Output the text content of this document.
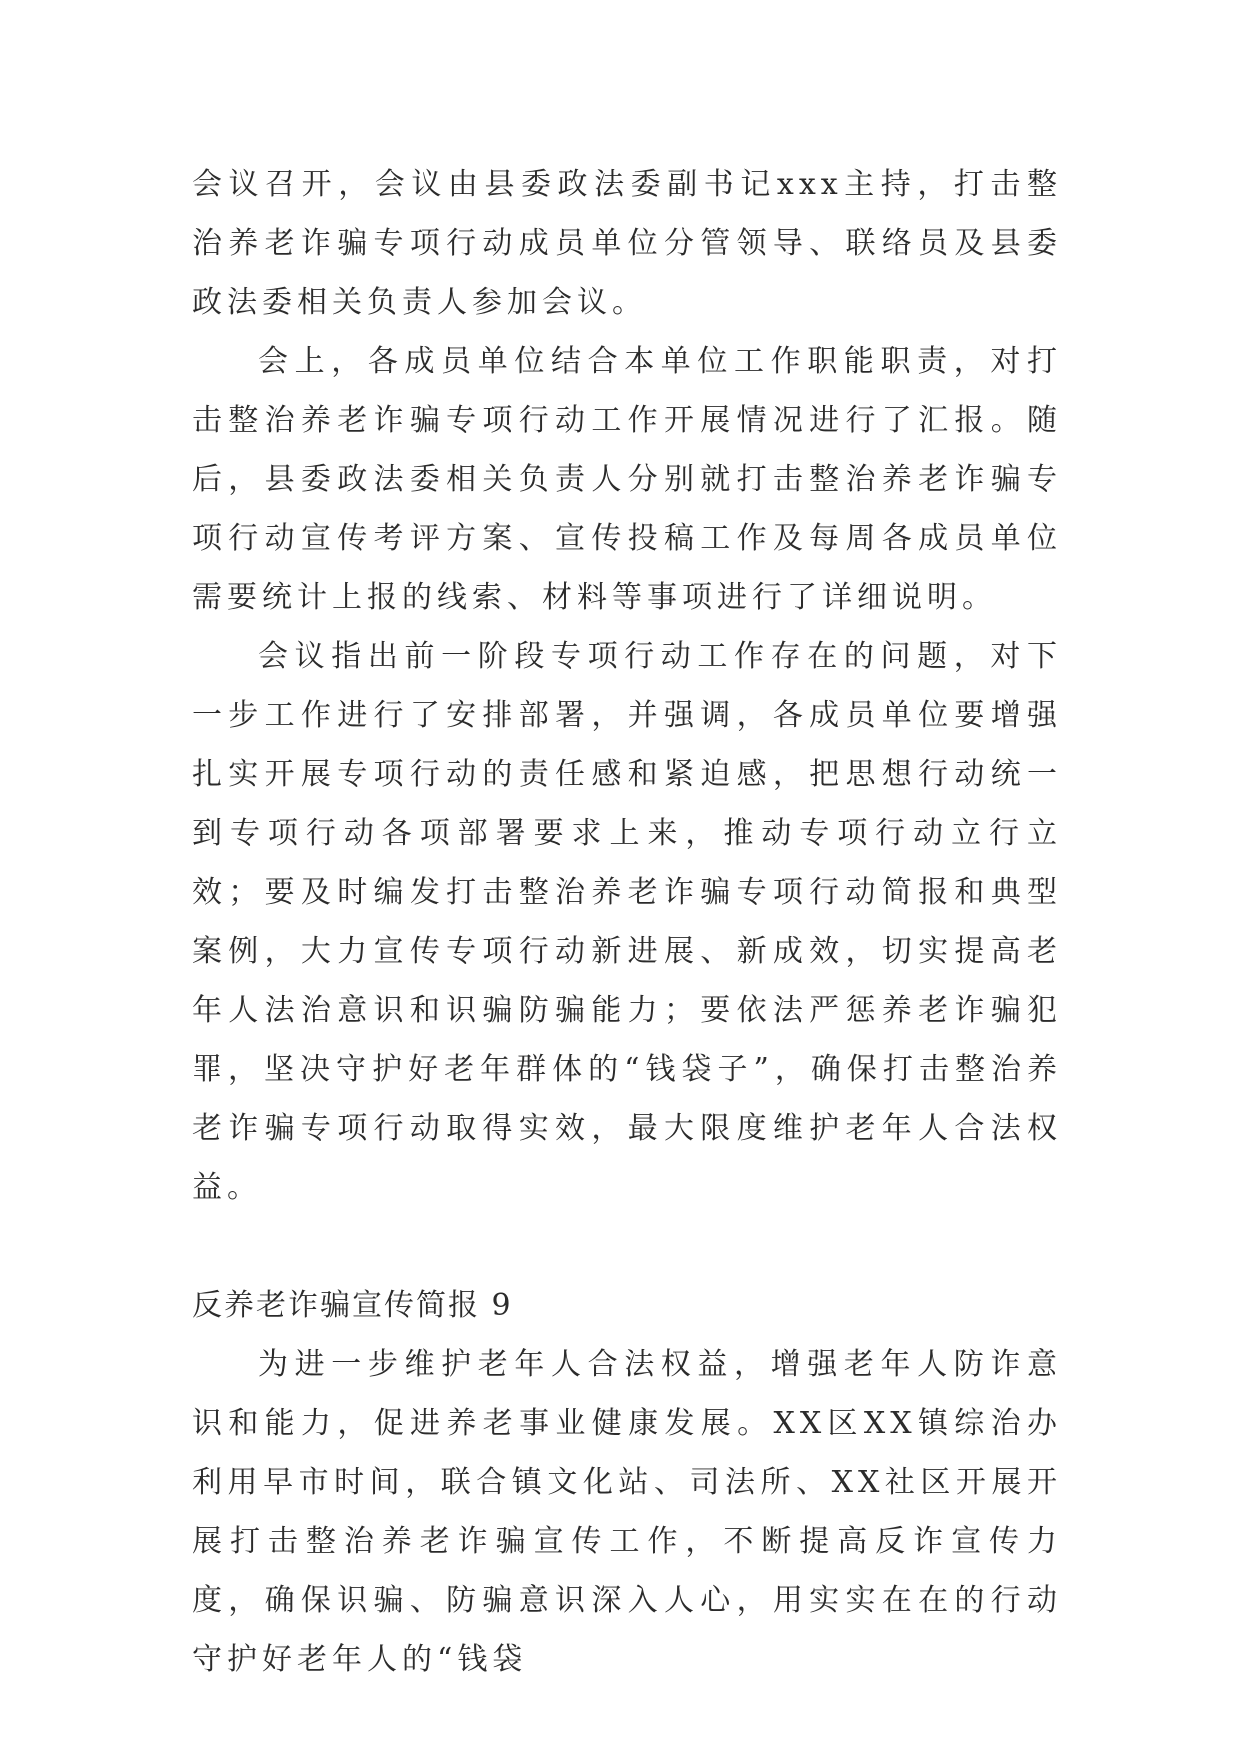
会议召开，会议由县委政法委副书记xxx主持，打击整治养老诈骗专项行动成员单位分管领导、联络员及县委政法委相关负责人参加会议。

会上，各成员单位结合本单位工作职能职责，对打击整治养老诈骗专项行动工作开展情况进行了汇报。随后，县委政法委相关负责人分别就打击整治养老诈骗专项行动宣传考评方案、宣传投稿工作及每周各成员单位需要统计上报的线索、材料等事项进行了详细说明。

会议指出前一阶段专项行动工作存在的问题，对下一步工作进行了安排部署，并强调，各成员单位要增强扎实开展专项行动的责任感和紧迫感，把思想行动统一到专项行动各项部署要求上来，推动专项行动立行立效；要及时编发打击整治养老诈骗专项行动简报和典型案例，大力宣传专项行动新进展、新成效，切实提高老年人法治意识和识骗防骗能力；要依法严惩养老诈骗犯罪，坚决守护好老年群体的“钱袋子”，确保打击整治养老诈骗专项行动取得实效，最大限度维护老年人合法权益。

反养老诈骗宣传简报 9

为进一步维护老年人合法权益，增强老年人防诈意识和能力，促进养老事业健康发展。XX区XX镇综治办利用早市时间，联合镇文化站、司法所、XX社区开展开展打击整治养老诈骗宣传工作，不断提高反诈宣传力度，确保识骗、防骗意识深入人心，用实实在在的行动守护好老年人的“钱袋
